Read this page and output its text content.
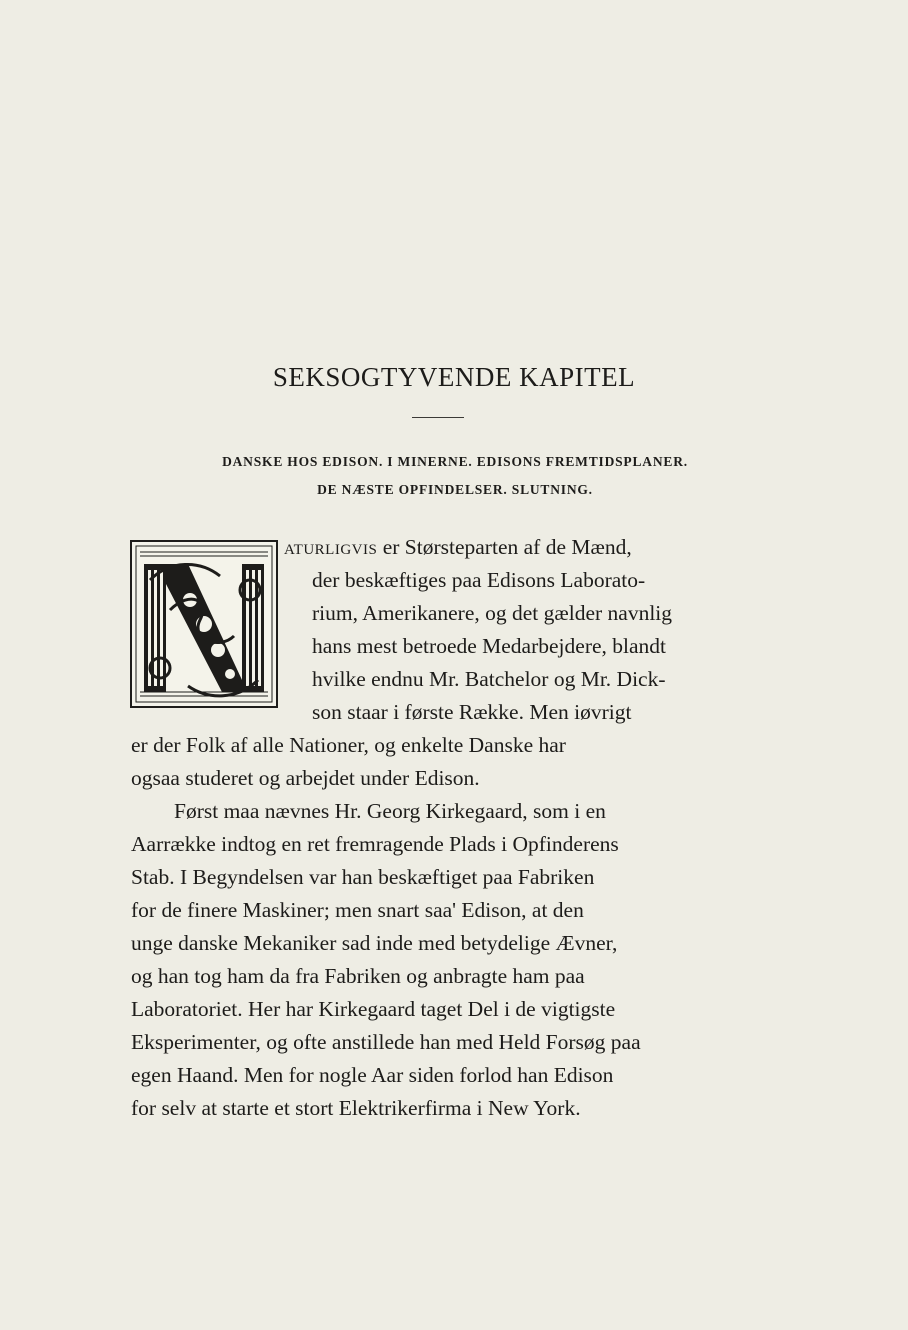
SEKSOGTYVENDE KAPITEL
DANSKE HOS EDISON. I MINERNE. EDISONS FREMTIDSPLANER.
DE NÆSTE OPFINDELSER. SLUTNING.
aturligvis er Størsteparten af de Mænd,
der beskæftiges paa Edisons Laborato-
rium, Amerikanere, og det gælder navnlig
hans mest betroede Medarbejdere, blandt
hvilke endnu Mr. Batchelor og Mr. Dick-
son staar i første Række. Men iøvrigt
er der Folk af alle Nationer, og enkelte Danske har
ogsaa studeret og arbejdet under Edison.
Først maa nævnes Hr. Georg Kirkegaard, som i en
Aarrække indtog en ret fremragende Plads i Opfinderens
Stab. I Begyndelsen var han beskæftiget paa Fabriken
for de finere Maskiner; men snart saa' Edison, at den
unge danske Mekaniker sad inde med betydelige Ævner,
og han tog ham da fra Fabriken og anbragte ham paa
Laboratoriet. Her har Kirkegaard taget Del i de vigtigste
Eksperimenter, og ofte anstillede han med Held Forsøg paa
egen Haand. Men for nogle Aar siden forlod han Edison
for selv at starte et stort Elektrikerfirma i New York.
